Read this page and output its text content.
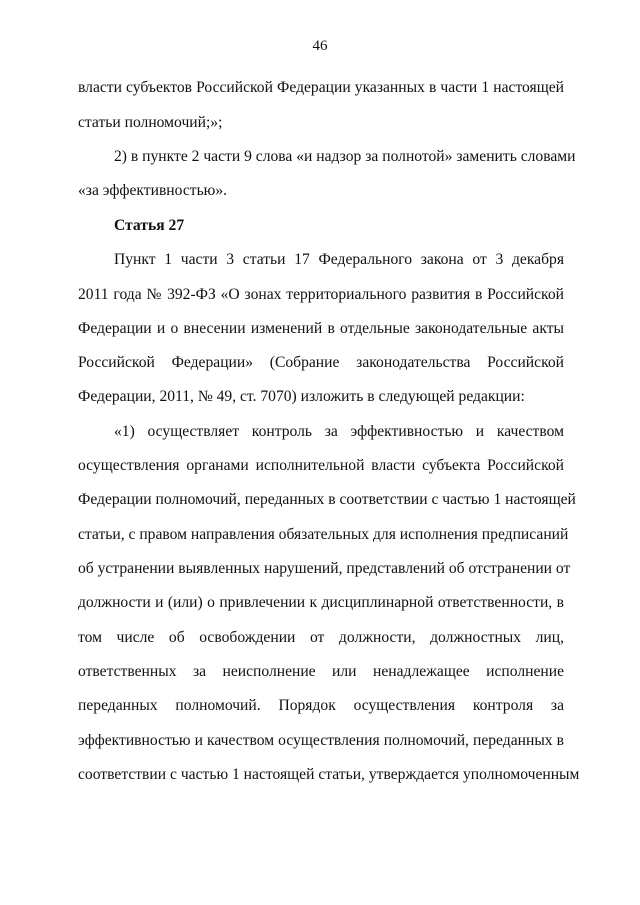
46
власти субъектов Российской Федерации указанных в части 1 настоящей
статьи полномочий;»;
2) в пункте 2 части 9 слова «и надзор за полнотой» заменить словами
«за эффективностью».
Статья 27
Пункт 1 части 3 статьи 17 Федерального закона от 3 декабря
2011 года № 392-ФЗ «О зонах территориального развития в Российской
Федерации и о внесении изменений в отдельные законодательные акты
Российской Федерации» (Собрание законодательства Российской
Федерации, 2011, № 49, ст. 7070) изложить в следующей редакции:
«1) осуществляет контроль за эффективностью и качеством
осуществления органами исполнительной власти субъекта Российской
Федерации полномочий, переданных в соответствии с частью 1 настоящей
статьи, с правом направления обязательных для исполнения предписаний
об устранении выявленных нарушений, представлений об отстранении от
должности и (или) о привлечении к дисциплинарной ответственности, в
том числе об освобождении от должности, должностных лиц,
ответственных за неисполнение или ненадлежащее исполнение
переданных полномочий. Порядок осуществления контроля за
эффективностью и качеством осуществления полномочий, переданных в
соответствии с частью 1 настоящей статьи, утверждается уполномоченным
